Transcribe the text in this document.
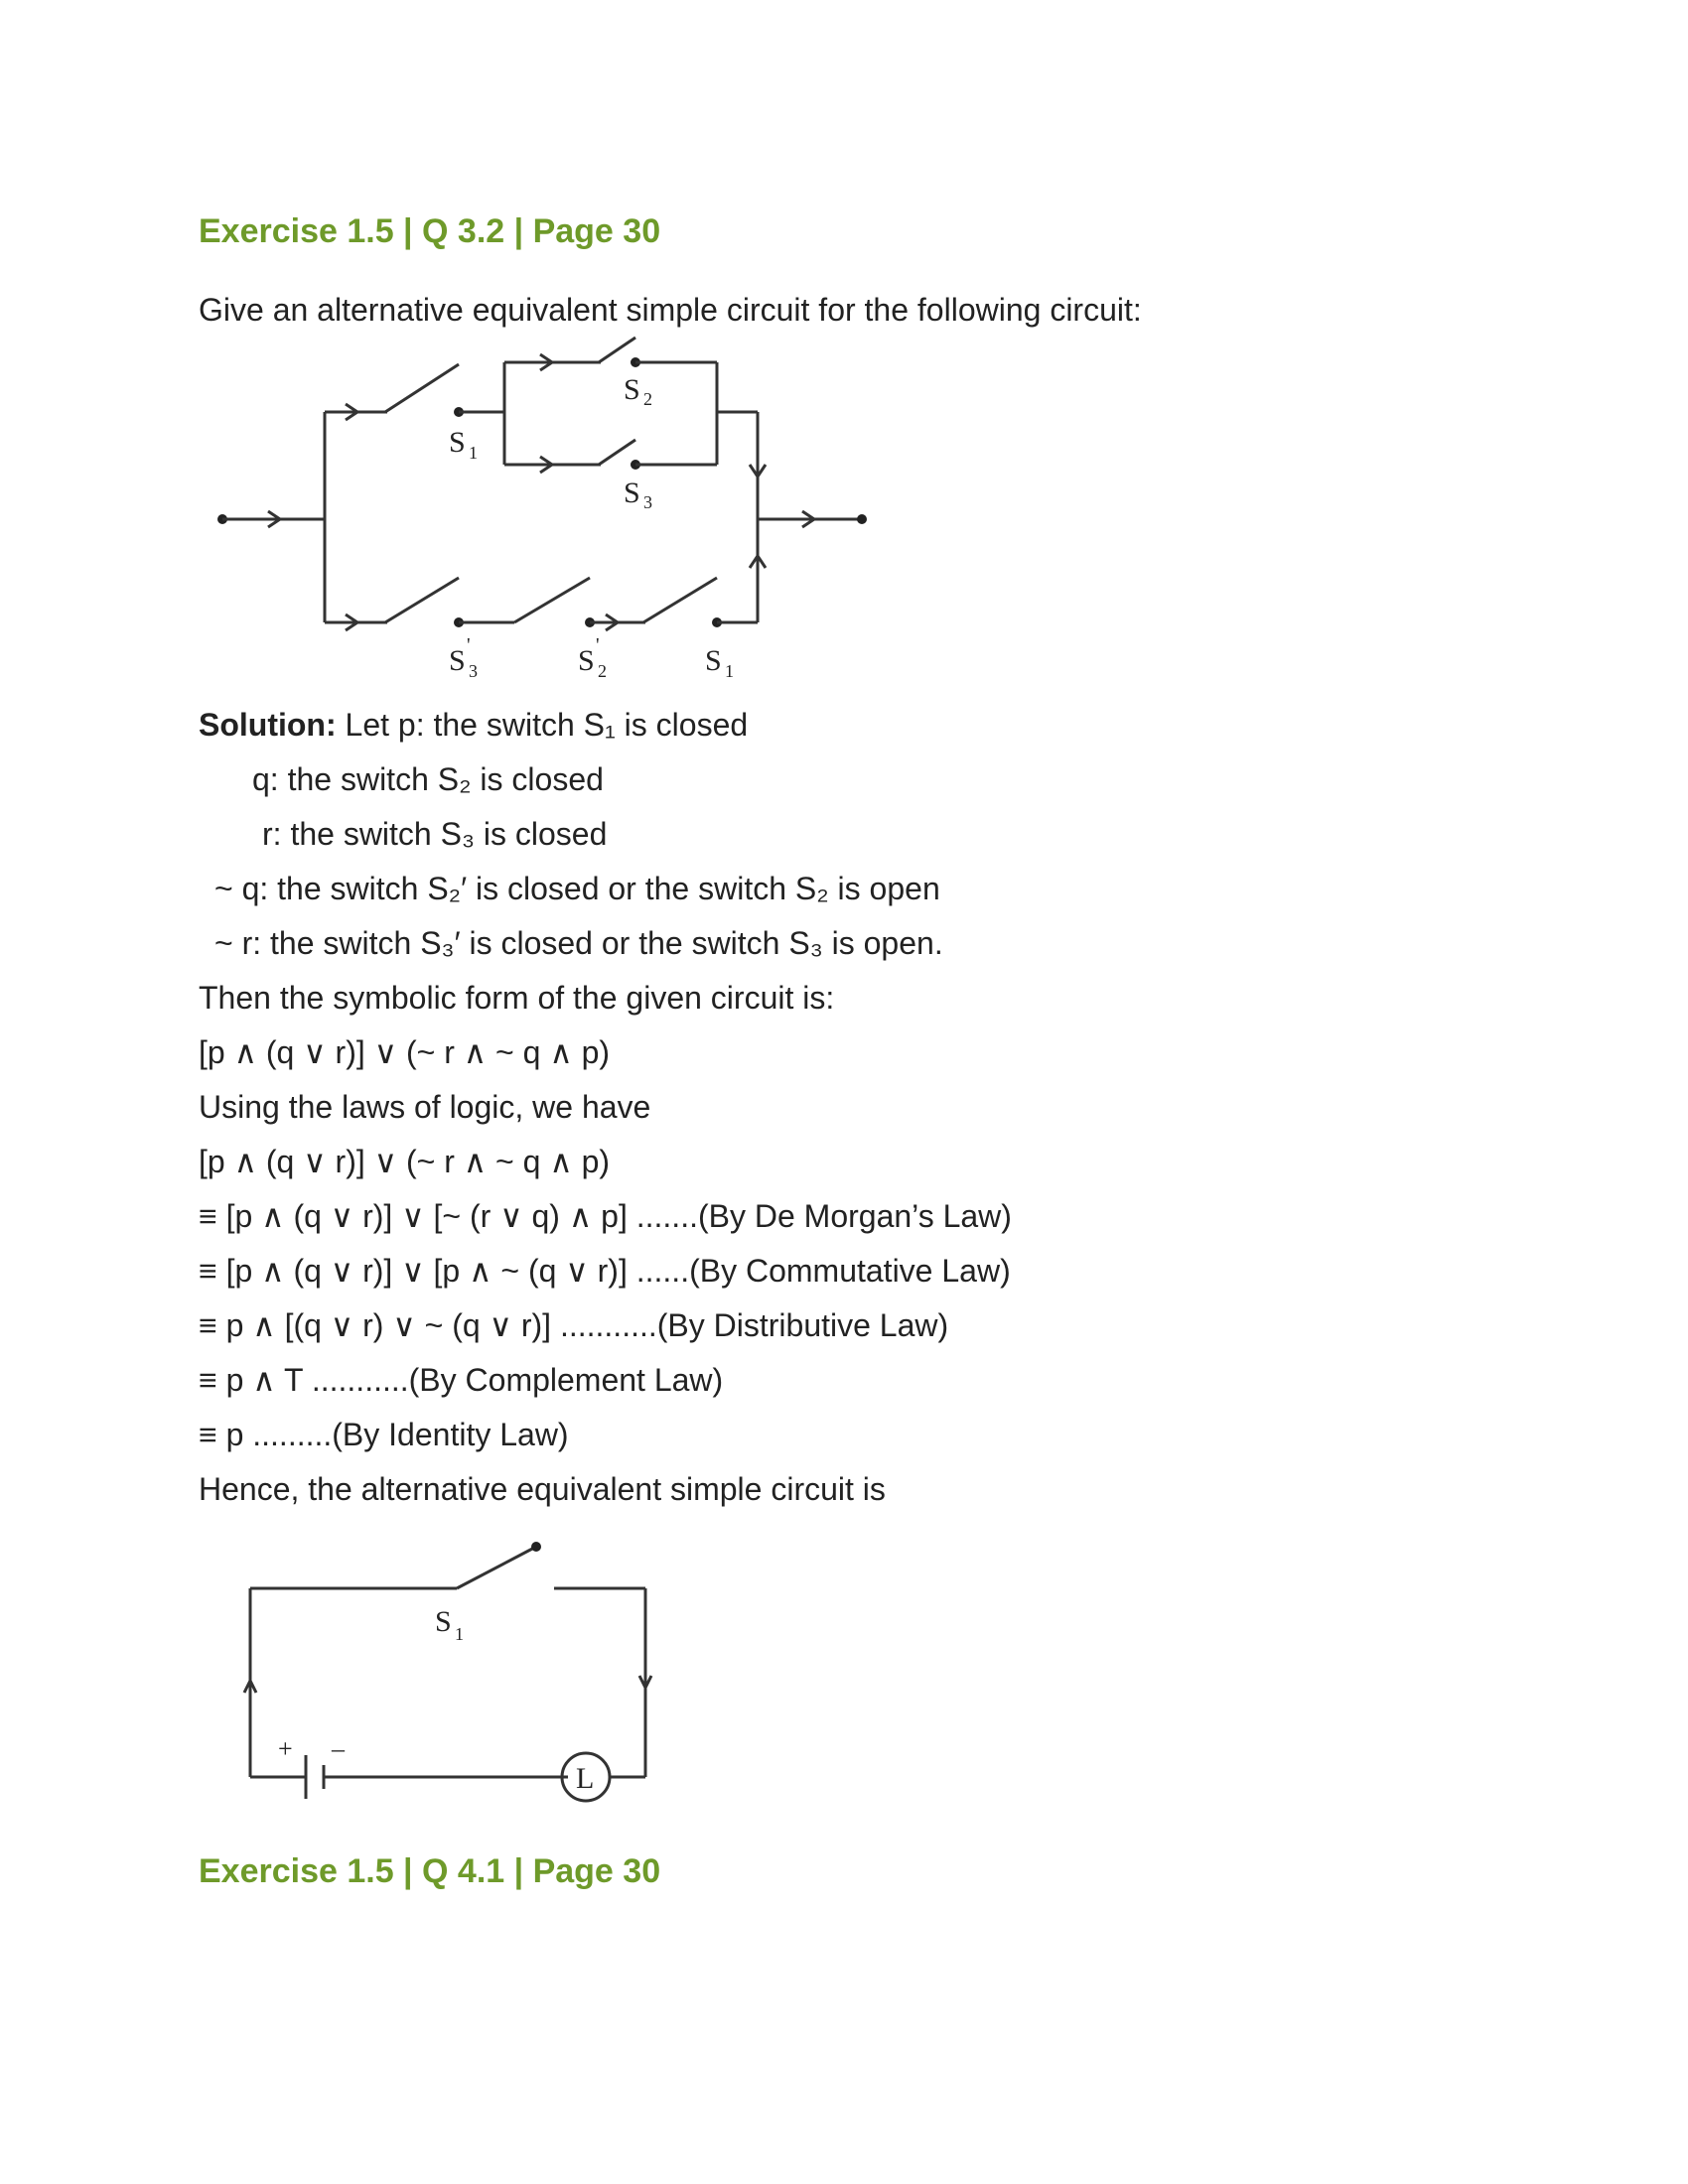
Exercise 1.5 | Q 3.2 | Page 30
Give an alternative equivalent simple circuit for the following circuit:
S 1
S 2
S 3
S '
3	S '
2	S 1
Solution: Let p: the switch S₁ is closed
q: the switch S₂ is closed
r: the switch S₃ is closed
~ q: the switch S₂′ is closed or the switch S₂ is open
~ r: the switch S₃′ is closed or the switch S₃ is open.
Then the symbolic form of the given circuit is:
[p ∧ (q ∨ r)] ∨ (~ r ∧ ~ q ∧ p)
Using the laws of logic, we have
[p ∧ (q ∨ r)] ∨ (~ r ∧ ~ q ∧ p)
≡ [p ∧ (q ∨ r)] ∨ [~ (r ∨ q) ∧ p] .......(By De Morgan’s Law)
≡ [p ∧ (q ∨ r)] ∨ [p ∧ ~ (q ∨ r)] ......(By Commutative Law)
≡ p ∧ [(q ∨ r) ∨ ~ (q ∨ r)] ...........(By Distributive Law)
≡ p ∧ T ...........(By Complement Law)
≡ p .........(By Identity Law)
Hence, the alternative equivalent simple circuit is
S 1
+ –
L
Exercise 1.5 | Q 4.1 | Page 30
